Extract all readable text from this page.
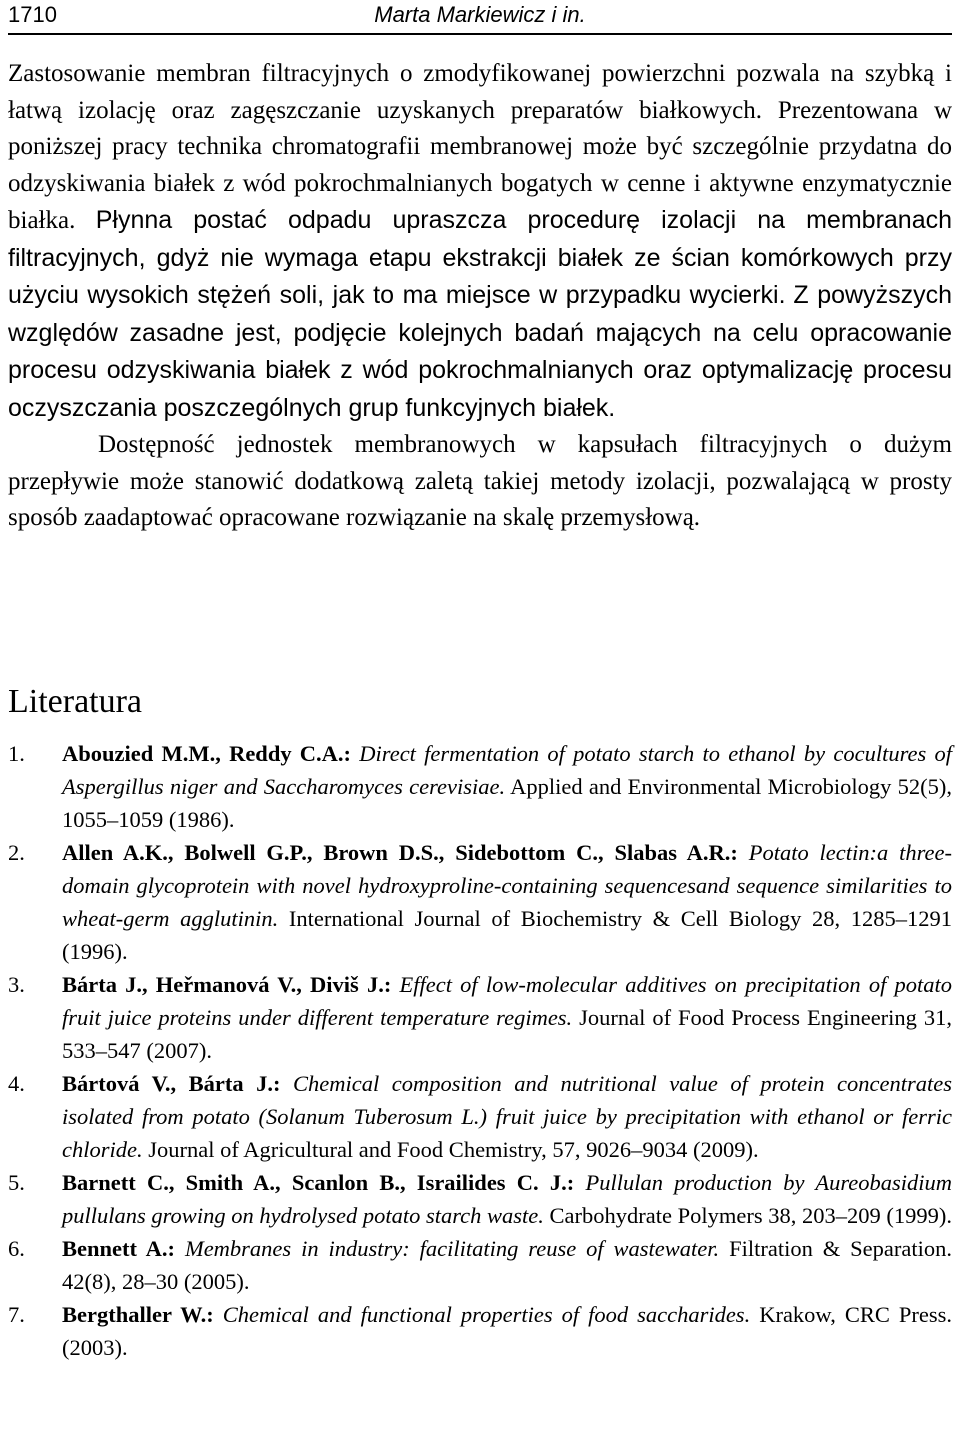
1710	Marta Markiewicz i in.

Zastosowanie membran filtracyjnych o zmodyfikowanej powierzchni pozwala na szybką i łatwą izolację oraz zagęszczanie uzyskanych preparatów białkowych. Prezentowana w poniższej pracy technika chromatografii membranowej może być szczególnie przydatna do odzyskiwania białek z wód pokrochmalnianych bogatych w cenne i aktywne enzymatycznie białka. Płynna postać odpadu upraszcza procedurę izolacji na membranach filtracyjnych, gdyż nie wymaga etapu ekstrakcji białek ze ścian komórkowych przy użyciu wysokich stężeń soli, jak to ma miejsce w przypadku wycierki. Z powyższych względów zasadne jest, podjęcie kolejnych badań mających na celu opracowanie procesu odzyskiwania białek z wód pokrochmalnianych oraz optymalizację procesu oczyszczania poszczególnych grup funkcyjnych białek.

Dostępność jednostek membranowych w kapsułach filtracyjnych o dużym przepływie może stanowić dodatkową zaletą takiej metody izolacji, pozwalającą w prosty sposób zaadaptować opracowane rozwiązanie na skalę przemysłową.

Literatura
1. Abouzied M.M., Reddy C.A.: Direct fermentation of potato starch to ethanol by cocultures of Aspergillus niger and Saccharomyces cerevisiae. Applied and Environmental Microbiology 52(5), 1055–1059 (1986).
2. Allen A.K., Bolwell G.P., Brown D.S., Sidebottom C., Slabas A.R.: Potato lectin:a three-domain glycoprotein with novel hydroxyproline-containing sequencesand sequence similarities to wheat-germ agglutinin. International Journal of Biochemistry & Cell Biology 28, 1285–1291 (1996).
3. Bárta J., Heřmanová V., Diviš J.: Effect of low-molecular additives on precipitation of potato fruit juice proteins under different temperature regimes. Journal of Food Process Engineering 31, 533–547 (2007).
4. Bártová V., Bárta J.: Chemical composition and nutritional value of protein concentrates isolated from potato (Solanum Tuberosum L.) fruit juice by precipitation with ethanol or ferric chloride. Journal of Agricultural and Food Chemistry, 57, 9026–9034 (2009).
5. Barnett C., Smith A., Scanlon B., Israilides C. J.: Pullulan production by Aureobasidium pullulans growing on hydrolysed potato starch waste. Carbohydrate Polymers 38, 203–209 (1999).
6. Bennett A.: Membranes in industry: facilitating reuse of wastewater. Filtration & Separation. 42(8), 28–30 (2005).
7. Bergthaller W.: Chemical and functional properties of food saccharides. Krakow, CRC Press. (2003).
